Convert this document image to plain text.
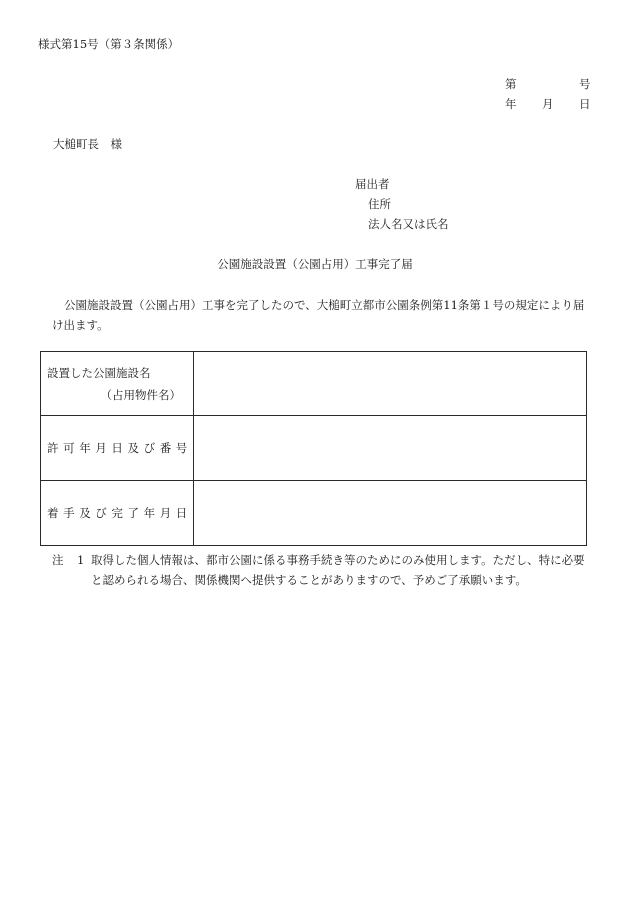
様式第15号（第３条関係）
第	号
年 月 日
大槌町長　様
届出者
住所
法人名又は氏名
公園施設設置（公園占用）工事完了届
公園施設設置（公園占用）工事を完了したので、大槌町立都市公園条例第11条第１号の規定により届け出ます。
設置した公園施設名
（占用物件名）	

許可年月日及び番号	
着手及び完了年月日	
注 1 取得した個人情報は、都市公園に係る事務手続き等のためにのみ使用します。ただし、特に必要と認められる場合、関係機関へ提供することがありますので、予めご了承願います。
